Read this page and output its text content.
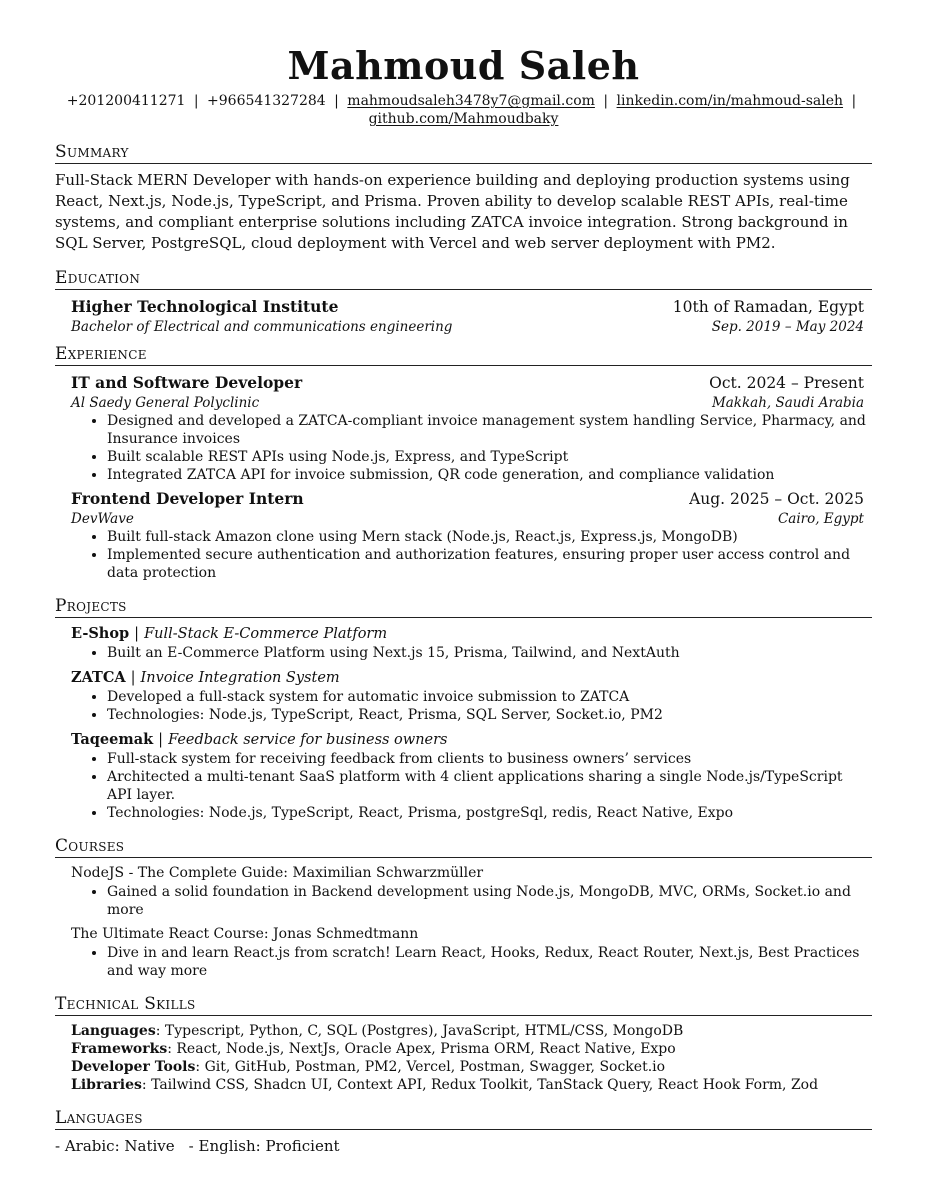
Mahmoud Saleh
+201200411271 | +966541327284 | mahmoudsaleh3478y7@gmail.com | linkedin.com/in/mahmoud-saleh |
github.com/Mahmoudbaky
Summary
Full-Stack MERN Developer with hands-on experience building and deploying production systems using React, Next.js, Node.js, TypeScript, and Prisma. Proven ability to develop scalable REST APIs, real-time systems, and compliant enterprise solutions including ZATCA invoice integration. Strong background in SQL Server, PostgreSQL, cloud deployment with Vercel and web server deployment with PM2.
Education
Higher Technological Institute	10th of Ramadan, Egypt
Bachelor of Electrical and communications engineering	Sep. 2019 – May 2024
Experience
IT and Software Developer	Oct. 2024 – Present
Al Saedy General Polyclinic	Makkah, Saudi Arabia
• Designed and developed a ZATCA-compliant invoice management system handling Service, Pharmacy, and Insurance invoices
• Built scalable REST APIs using Node.js, Express, and TypeScript
• Integrated ZATCA API for invoice submission, QR code generation, and compliance validation
Frontend Developer Intern	Aug. 2025 – Oct. 2025
DevWave	Cairo, Egypt
• Built full-stack Amazon clone using Mern stack (Node.js, React.js, Express.js, MongoDB)
• Implemented secure authentication and authorization features, ensuring proper user access control and data protection
Projects
E-Shop | Full-Stack E-Commerce Platform
• Built an E-Commerce Platform using Next.js 15, Prisma, Tailwind, and NextAuth
ZATCA | Invoice Integration System
• Developed a full-stack system for automatic invoice submission to ZATCA
• Technologies: Node.js, TypeScript, React, Prisma, SQL Server, Socket.io, PM2
Taqeemak | Feedback service for business owners
• Full-stack system for receiving feedback from clients to business owners’ services
• Architected a multi-tenant SaaS platform with 4 client applications sharing a single Node.js/TypeScript API layer.
• Technologies: Node.js, TypeScript, React, Prisma, postgreSql, redis, React Native, Expo
Courses
NodeJS - The Complete Guide: Maximilian Schwarzmüller
• Gained a solid foundation in Backend development using Node.js, MongoDB, MVC, ORMs, Socket.io and more
The Ultimate React Course: Jonas Schmedtmann
• Dive in and learn React.js from scratch! Learn React, Hooks, Redux, React Router, Next.js, Best Practices and way more
Technical Skills
Languages: Typescript, Python, C, SQL (Postgres), JavaScript, HTML/CSS, MongoDB
Frameworks: React, Node.js, NextJs, Oracle Apex, Prisma ORM, React Native, Expo
Developer Tools: Git, GitHub, Postman, PM2, Vercel, Postman, Swagger, Socket.io
Libraries: Tailwind CSS, Shadcn UI, Context API, Redux Toolkit, TanStack Query, React Hook Form, Zod
Languages
- Arabic: Native - English: Proficient
